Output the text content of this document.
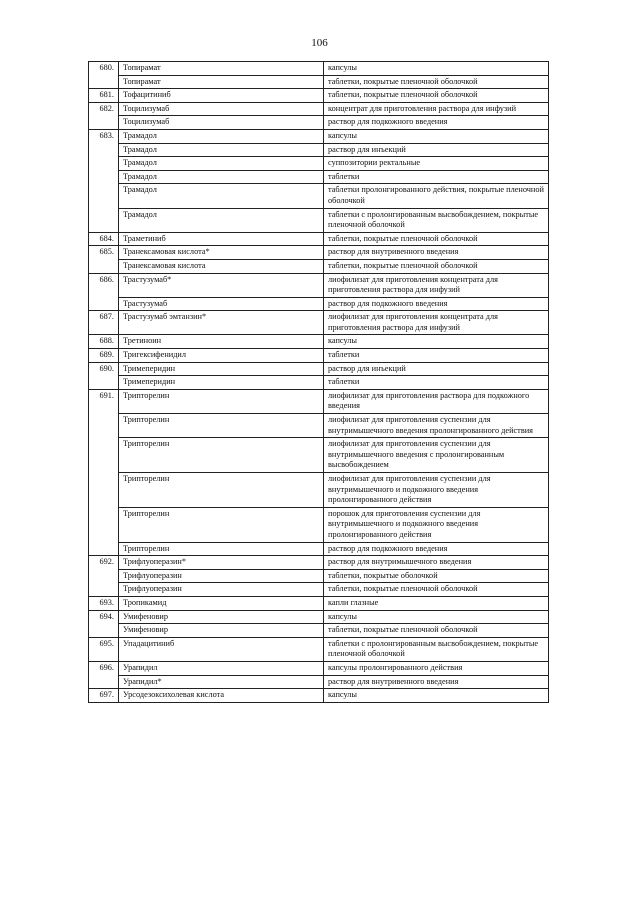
106
680.	Топирамат	капсулы
	Топирамат	таблетки, покрытые пленочной оболочкой
681.	Тофацитиниб	таблетки, покрытые пленочной оболочкой
682.	Тоцилизумаб	концентрат для приготовления раствора для инфузий
	Тоцилизумаб	раствор для подкожного введения
683.	Трамадол	капсулы
	Трамадол	раствор для инъекций
	Трамадол	суппозитории ректальные
	Трамадол	таблетки
	Трамадол	таблетки пролонгированного действия, покрытые пленочной оболочкой
	Трамадол	таблетки с пролонгированным высвобождением, покрытые пленочной оболочкой
684.	Траметиниб	таблетки, покрытые пленочной оболочкой
685.	Транексамовая кислота*	раствор для внутривенного введения
	Транексамовая кислота	таблетки, покрытые пленочной оболочкой
686.	Трастузумаб*	лиофилизат для приготовления концентрата для приготовления раствора для инфузий
	Трастузумаб	раствор для подкожного введения
687.	Трастузумаб эмтанзин*	лиофилизат для приготовления концентрата для приготовления раствора для инфузий
688.	Третиноин	капсулы
689.	Тригексифенидил	таблетки
690.	Тримеперидин	раствор для инъекций
	Тримеперидин	таблетки
691.	Трипторелин	лиофилизат для приготовления раствора для подкожного введения
	Трипторелин	лиофилизат для приготовления суспензии для внутримышечного введения пролонгированного действия
	Трипторелин	лиофилизат для приготовления суспензии для внутримышечного введения с пролонгированным высвобождением
	Трипторелин	лиофилизат для приготовления суспензии для внутримышечного и подкожного введения пролонгированного действия
	Трипторелин	порошок для приготовления суспензии для внутримышечного и подкожного введения пролонгированного действия
	Трипторелин	раствор для подкожного введения
692.	Трифлуоперазин*	раствор для внутримышечного введения
	Трифлуоперазин	таблетки, покрытые оболочкой
	Трифлуоперазин	таблетки, покрытые пленочной оболочкой
693.	Тропикамид	капли глазные
694.	Умифеновир	капсулы
	Умифеновир	таблетки, покрытые пленочной оболочкой
695.	Упадацитиниб	таблетки с пролонгированным высвобождением, покрытые пленочной оболочкой
696.	Урапидил	капсулы пролонгированного действия
	Урапидил*	раствор для внутривенного введения
697.	Урсодезоксихолевая кислота	капсулы
